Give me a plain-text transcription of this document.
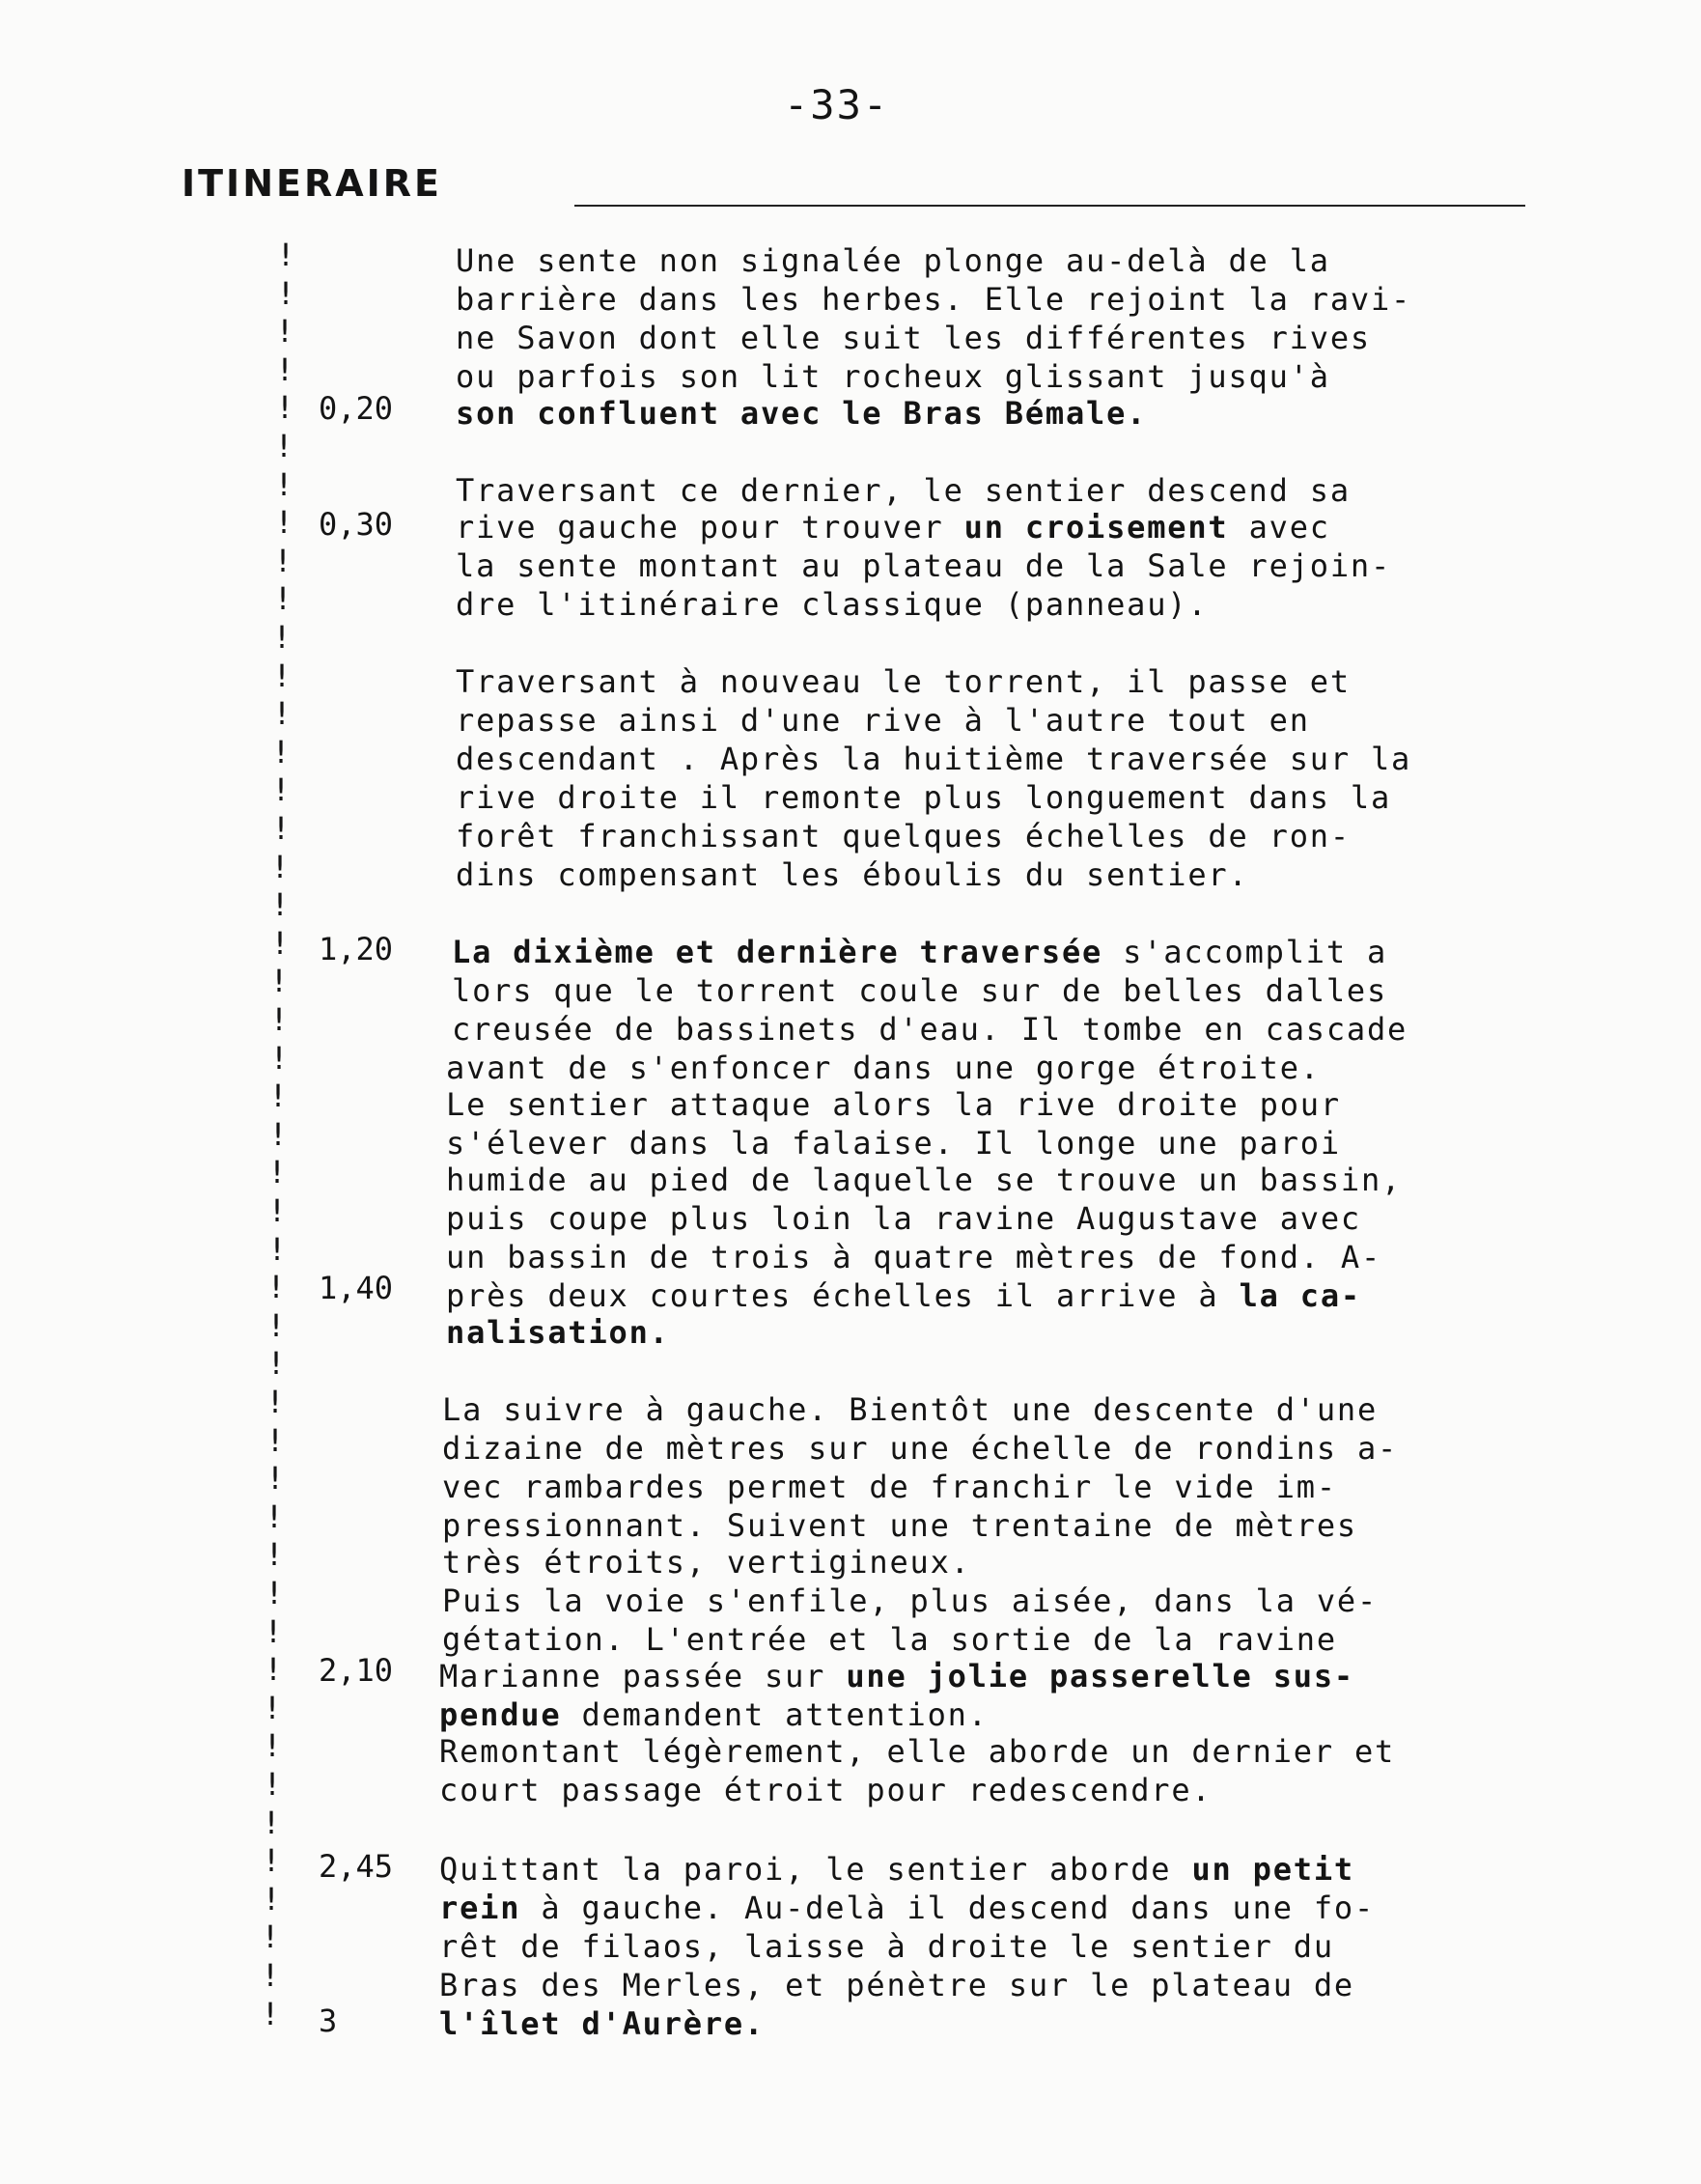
-33-
ITINERAIRE
0,20
0,30
1,20
1,40
2,10
2,45
3
!
!
!
!
!
!
!
!
!
!
!
!
!
!
!
!
!
!
!
!
!
!
!
!
!
!
!
!
!
!
!
!
!
!
!
!
!
!
!
!
!
!
!
!
!
!
!
Une sente non signalée plonge au-delà de la
barrière dans les herbes. Elle rejoint la ravi-
ne Savon dont elle suit les différentes rives
ou parfois son lit rocheux glissant jusqu'à
son confluent avec le Bras Bémale.
Traversant ce dernier, le sentier descend sa
rive gauche pour trouver un croisement avec
la sente montant au plateau de la Sale rejoin-
dre l'itinéraire classique (panneau).
Traversant à nouveau le torrent, il passe et
repasse ainsi d'une rive à l'autre tout en
descendant . Après la huitième traversée sur la
rive droite il remonte plus longuement dans la
forêt franchissant quelques échelles de ron-
dins compensant les éboulis du sentier.
La dixième et dernière traversée s'accomplit a
lors que le torrent coule sur de belles dalles
creusée de bassinets d'eau. Il tombe en cascade
avant de s'enfoncer dans une gorge étroite.
Le sentier attaque alors la rive droite pour
s'élever dans la falaise. Il longe une paroi
humide au pied de laquelle se trouve un bassin,
puis coupe plus loin la ravine Augustave avec
un bassin de trois à quatre mètres de fond. A-
près deux courtes échelles il arrive à la ca-
nalisation.
La suivre à gauche. Bientôt une descente d'une
dizaine de mètres sur une échelle de rondins a-
vec rambardes permet de franchir le vide im-
pressionnant. Suivent une trentaine de mètres
très étroits, vertigineux.
Puis la voie s'enfile, plus aisée, dans la vé-
gétation. L'entrée et la sortie de la ravine
Marianne passée sur une jolie passerelle sus-
pendue demandent attention.
Remontant légèrement, elle aborde un dernier et
court passage étroit pour redescendre.
Quittant la paroi, le sentier aborde un petit
rein à gauche. Au-delà il descend dans une fo-
rêt de filaos, laisse à droite le sentier du
Bras des Merles, et pénètre sur le plateau de
l'îlet d'Aurère.
